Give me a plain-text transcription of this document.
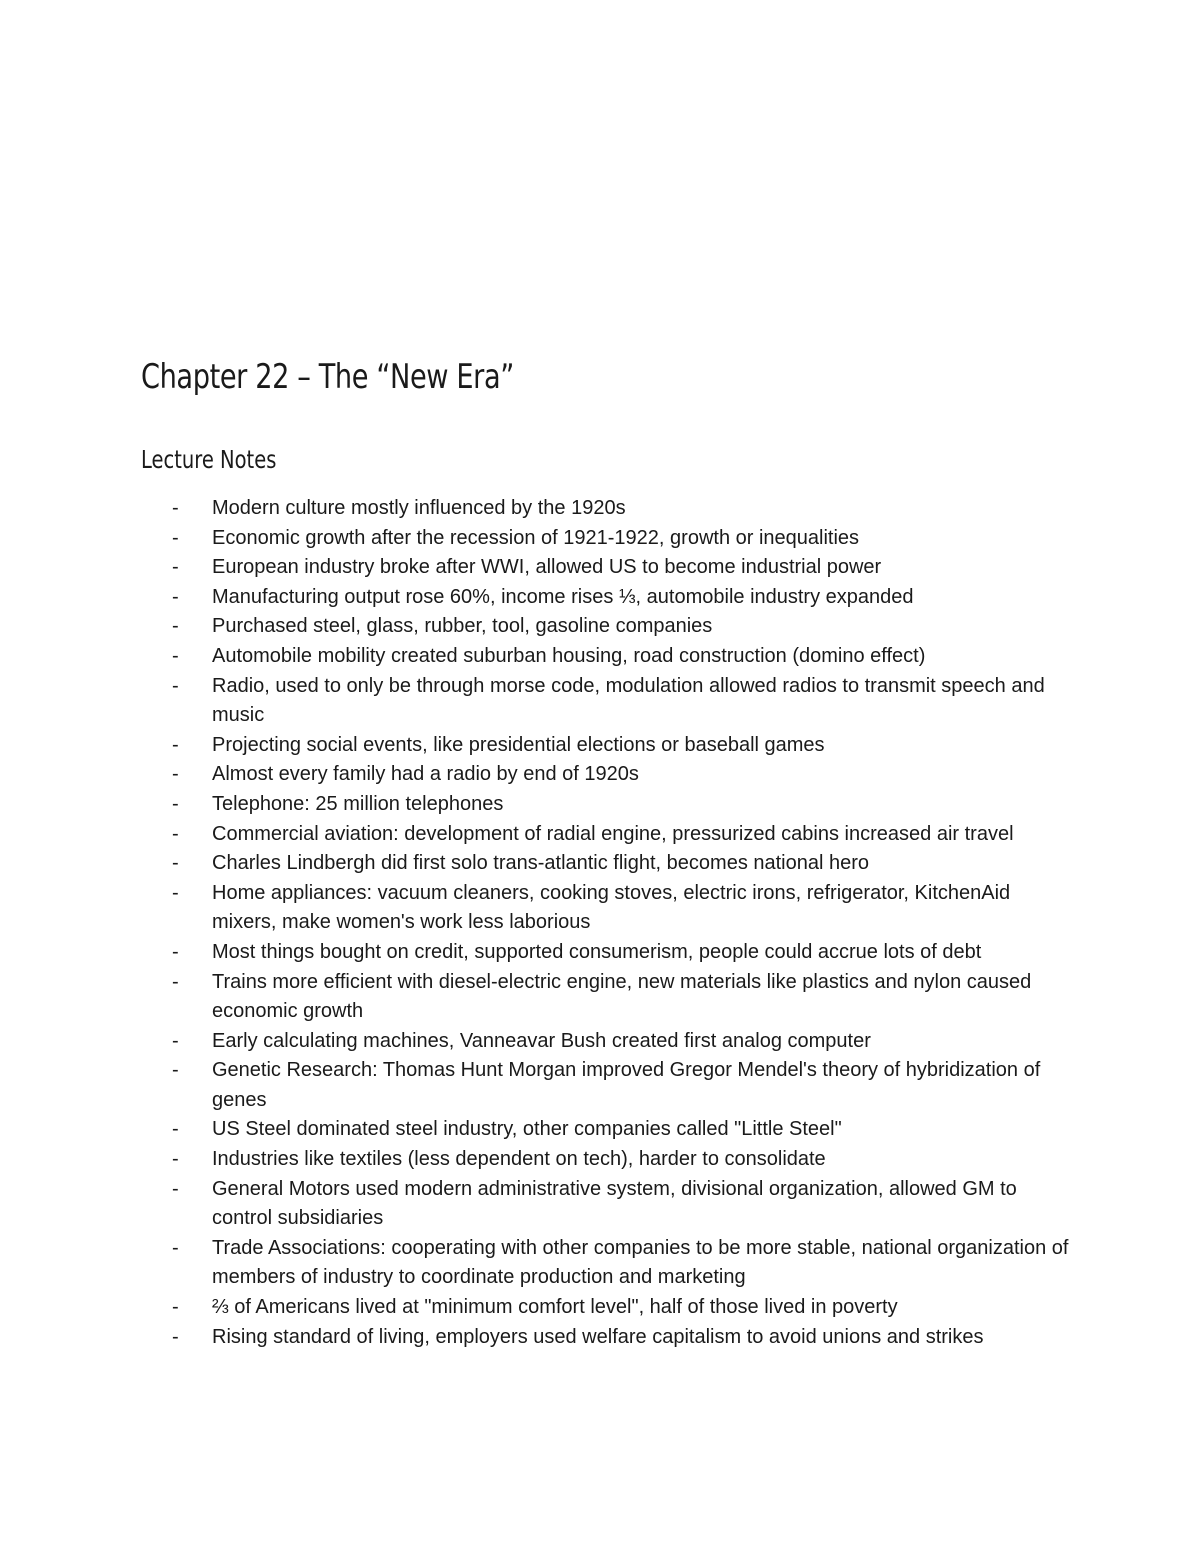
Chapter 22 – The “New Era”
Lecture Notes
-	Modern culture mostly influenced by the 1920s
-	Economic growth after the recession of 1921-1922, growth or inequalities
-	European industry broke after WWI, allowed US to become industrial power
-	Manufacturing output rose 60%, income rises ⅓, automobile industry expanded
-	Purchased steel, glass, rubber, tool, gasoline companies
-	Automobile mobility created suburban housing, road construction (domino effect)
-	Radio, used to only be through morse code, modulation allowed radios to transmit speech and music
-	Projecting social events, like presidential elections or baseball games
-	Almost every family had a radio by end of 1920s
-	Telephone: 25 million telephones
-	Commercial aviation: development of radial engine, pressurized cabins increased air travel
-	Charles Lindbergh did first solo trans-atlantic flight, becomes national hero
-	Home appliances: vacuum cleaners, cooking stoves, electric irons, refrigerator, KitchenAid mixers, make women's work less laborious
-	Most things bought on credit, supported consumerism, people could accrue lots of debt
-	Trains more efficient with diesel-electric engine, new materials like plastics and nylon caused economic growth
-	Early calculating machines, Vanneavar Bush created first analog computer
-	Genetic Research: Thomas Hunt Morgan improved Gregor Mendel's theory of hybridization of genes
-	US Steel dominated steel industry, other companies called "Little Steel"
-	Industries like textiles (less dependent on tech), harder to consolidate
-	General Motors used modern administrative system, divisional organization, allowed GM to control subsidiaries
-	Trade Associations: cooperating with other companies to be more stable, national organization of members of industry to coordinate production and marketing
-	⅔ of Americans lived at "minimum comfort level", half of those lived in poverty
-	Rising standard of living, employers used welfare capitalism to avoid unions and strikes
